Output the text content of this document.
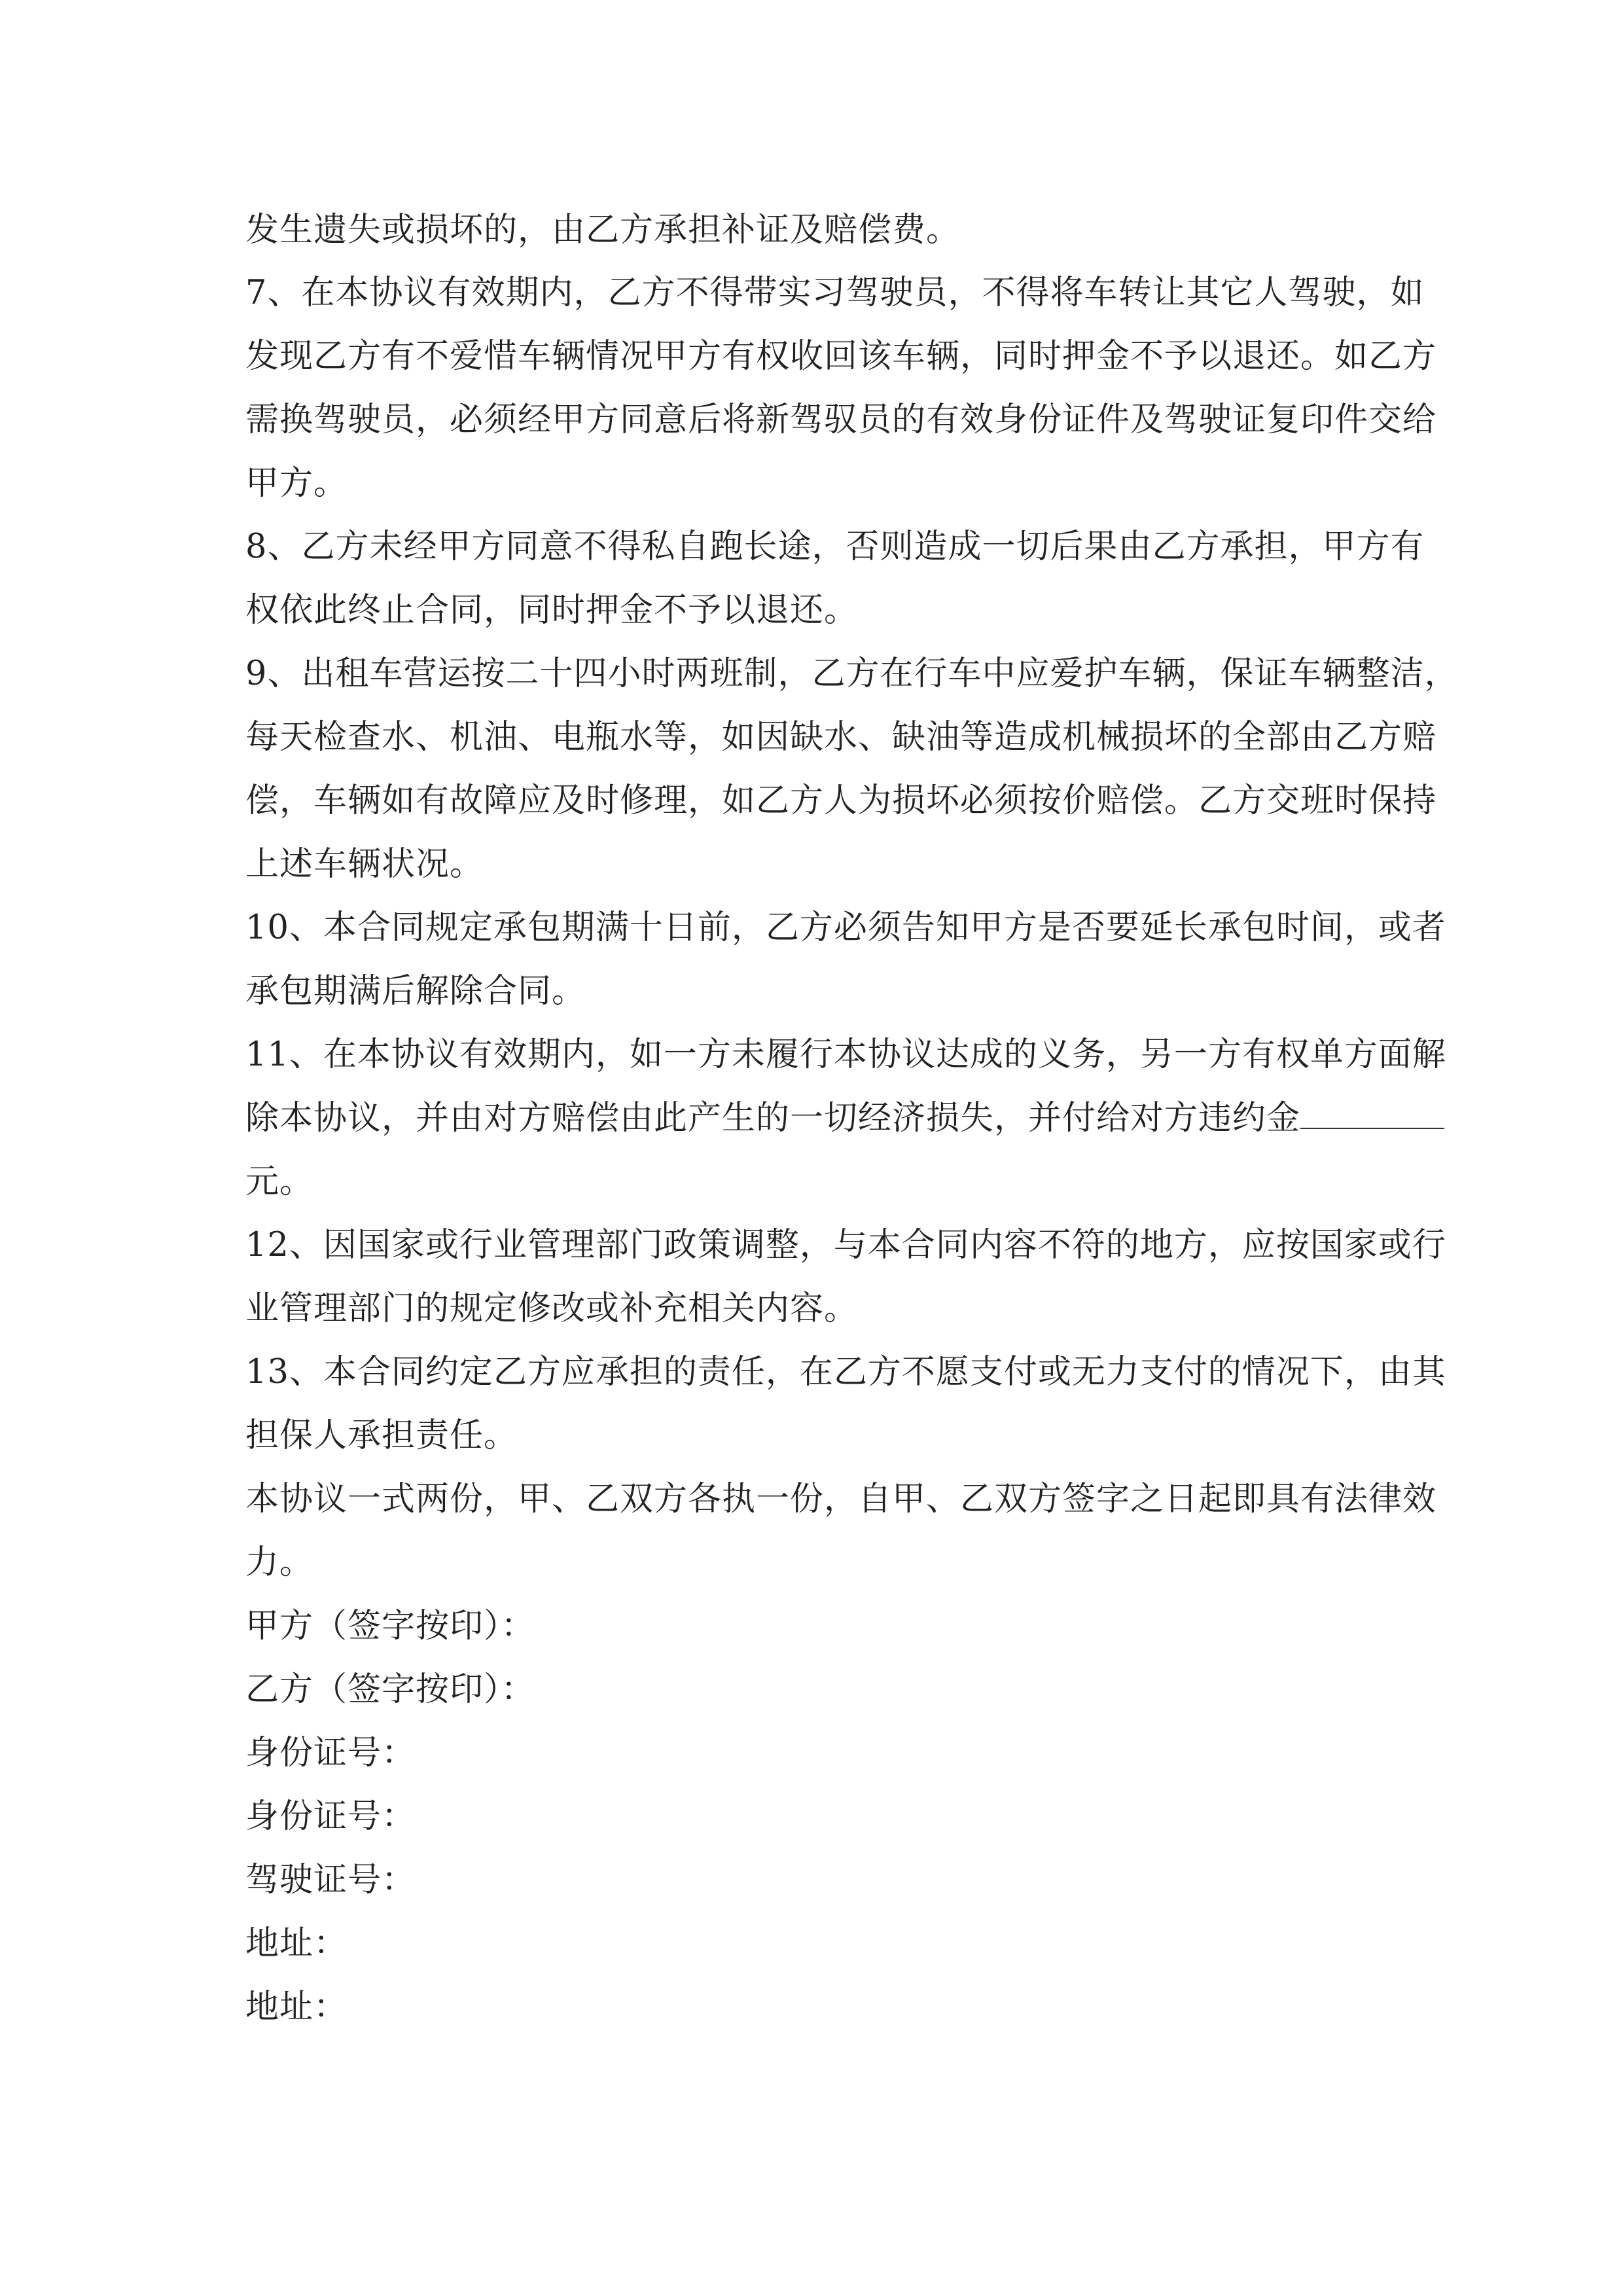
发生遗失或损坏的，由乙方承担补证及赔偿费。
7、在本协议有效期内，乙方不得带实习驾驶员，不得将车转让其它人驾驶，如
发现乙方有不爱惜车辆情况甲方有权收回该车辆，同时押金不予以退还。如乙方
需换驾驶员，必须经甲方同意后将新驾驭员的有效身份证件及驾驶证复印件交给
甲方。
8、乙方未经甲方同意不得私自跑长途，否则造成一切后果由乙方承担，甲方有
权依此终止合同，同时押金不予以退还。
9、出租车营运按二十四小时两班制，乙方在行车中应爱护车辆，保证车辆整洁，
每天检查水、机油、电瓶水等，如因缺水、缺油等造成机械损坏的全部由乙方赔
偿，车辆如有故障应及时修理，如乙方人为损坏必须按价赔偿。乙方交班时保持
上述车辆状况。
10、本合同规定承包期满十日前，乙方必须告知甲方是否要延长承包时间，或者
承包期满后解除合同。
11、在本协议有效期内，如一方未履行本协议达成的义务，另一方有权单方面解
除本协议，并由对方赔偿由此产生的一切经济损失，并付给对方违约金
元。
12、因国家或行业管理部门政策调整，与本合同内容不符的地方，应按国家或行
业管理部门的规定修改或补充相关内容。
13、本合同约定乙方应承担的责任，在乙方不愿支付或无力支付的情况下，由其
担保人承担责任。
本协议一式两份，甲、乙双方各执一份，自甲、乙双方签字之日起即具有法律效
力。
甲方（签字按印）：
乙方（签字按印）：
身份证号：
身份证号：
驾驶证号：
地址：
地址：
